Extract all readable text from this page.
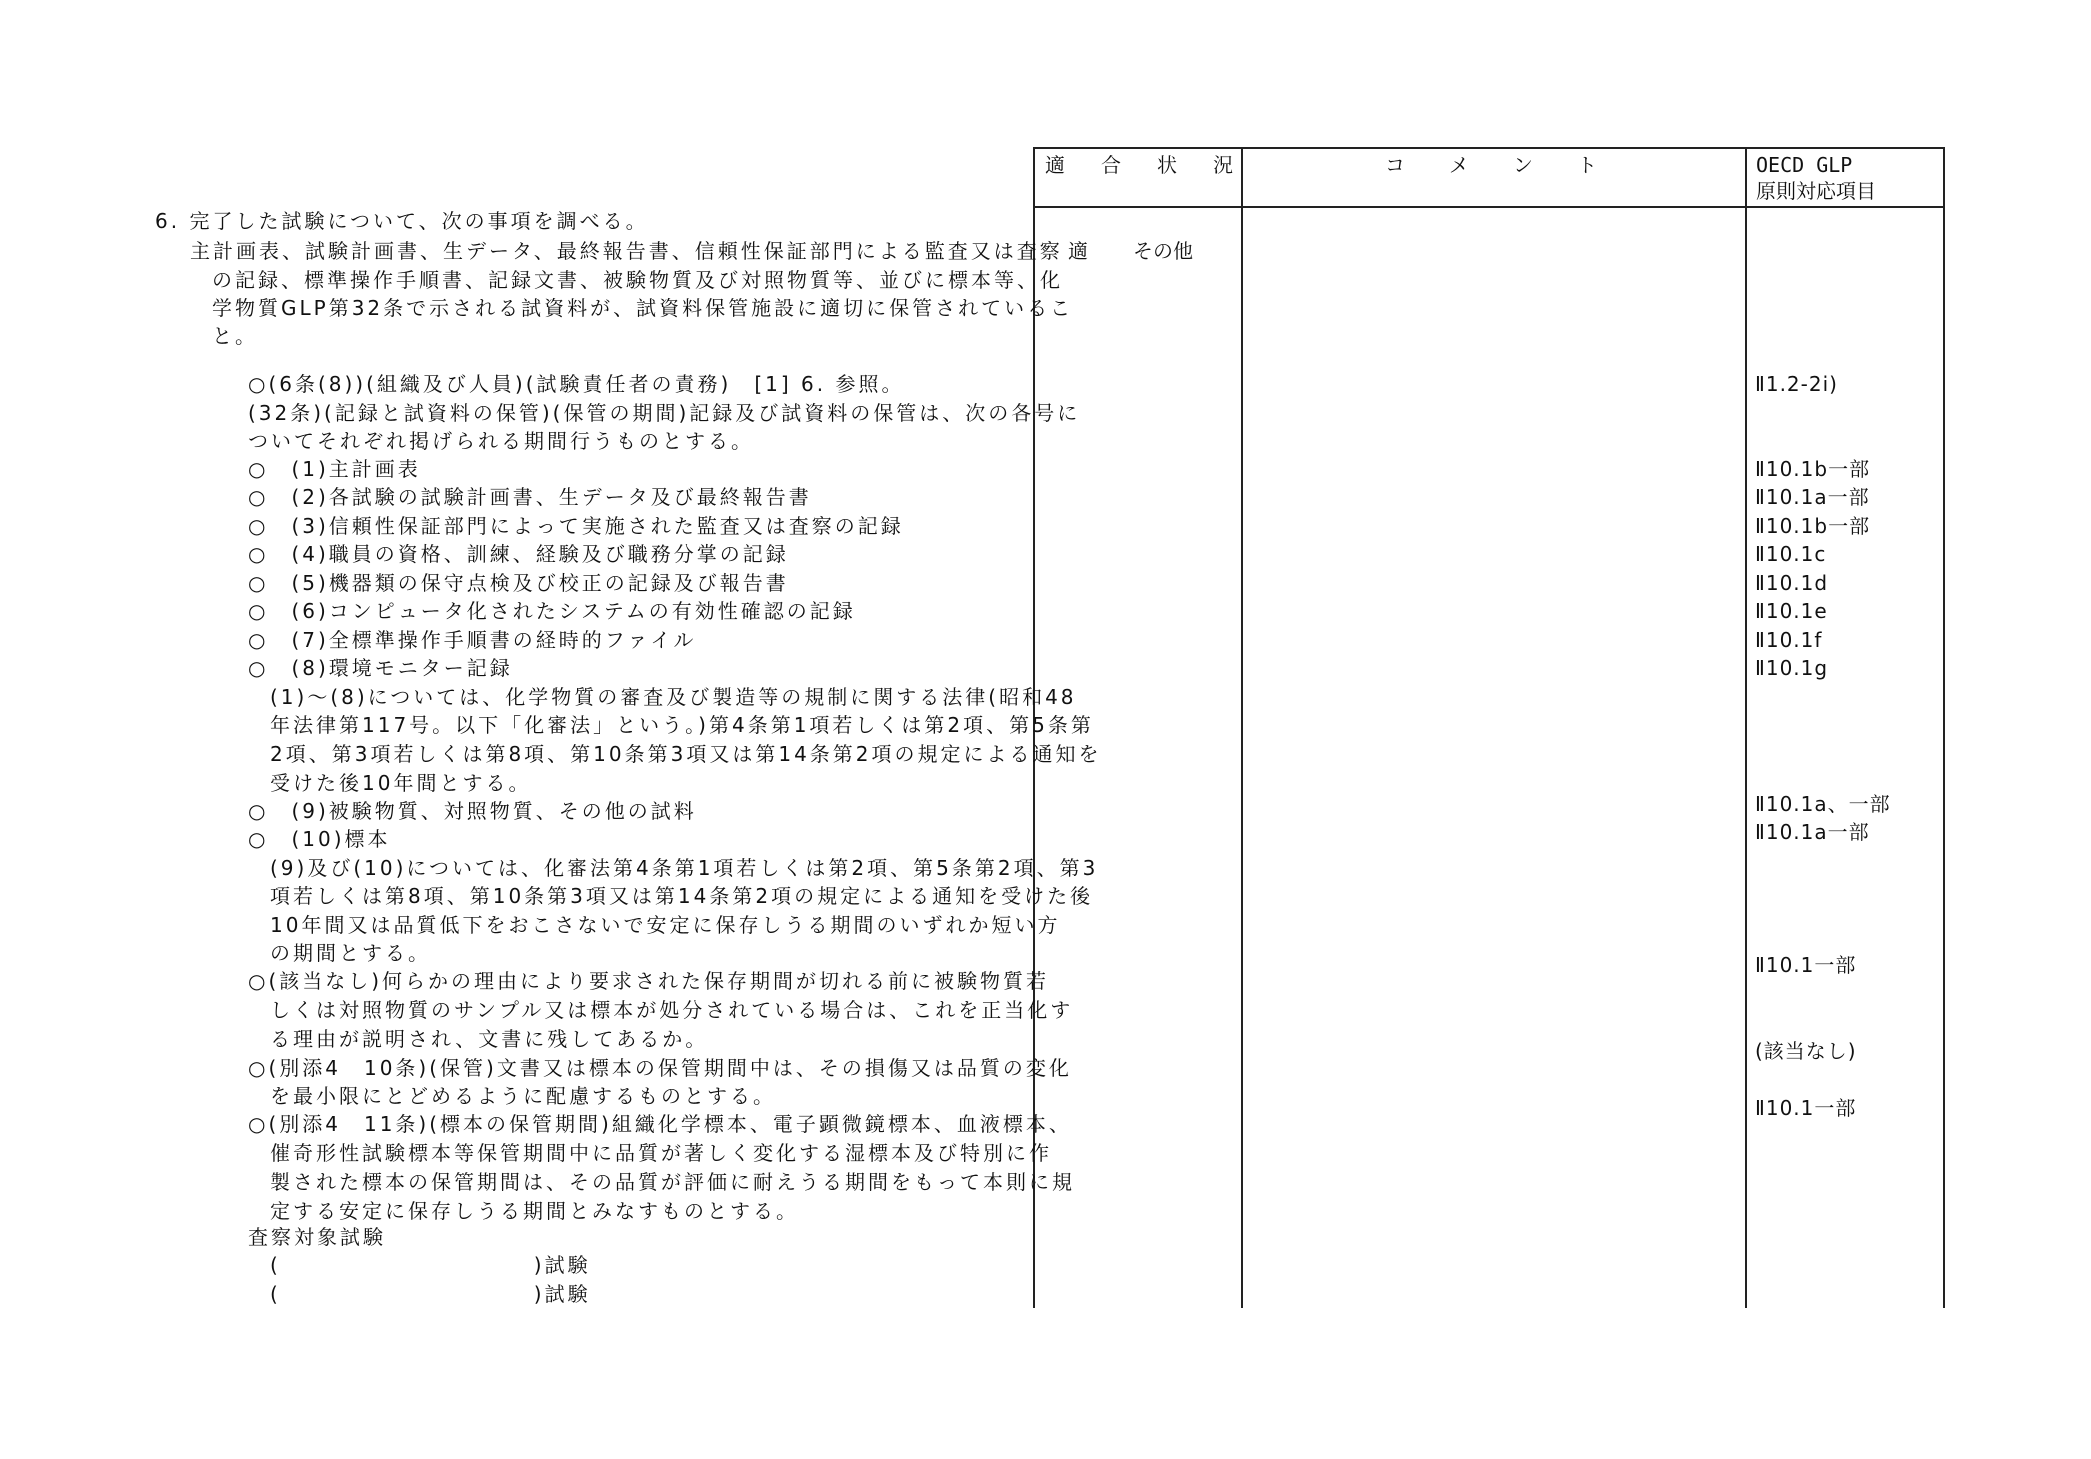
適　合　状　況	コ　メ　ン　ト	OECD GLP
原則対応項目
適 その他
6. 完了した試験について、次の事項を調べる。
主計画表、試験計画書、生データ、最終報告書、信頼性保証部門による監査又は査察
の記録、標準操作手順書、記録文書、被験物質及び対照物質等、並びに標本等、化
学物質GLP第32条で示される試資料が、試資料保管施設に適切に保管されているこ
と。
○(6条(8))(組織及び人員)(試験責任者の責務)　[1] 6. 参照。
(32条)(記録と試資料の保管)(保管の期間)記録及び試資料の保管は、次の各号に
ついてそれぞれ掲げられる期間行うものとする。
○　(1)主計画表
○　(2)各試験の試験計画書、生データ及び最終報告書
○　(3)信頼性保証部門によって実施された監査又は査察の記録
○　(4)職員の資格、訓練、経験及び職務分掌の記録
○　(5)機器類の保守点検及び校正の記録及び報告書
○　(6)コンピュータ化されたシステムの有効性確認の記録
○　(7)全標準操作手順書の経時的ファイル
○　(8)環境モニター記録
(1)～(8)については、化学物質の審査及び製造等の規制に関する法律(昭和48
年法律第117号。以下「化審法」という。)第4条第1項若しくは第2項、第5条第
2項、第3項若しくは第8項、第10条第3項又は第14条第2項の規定による通知を
受けた後10年間とする。
○　(9)被験物質、対照物質、その他の試料
○　(10)標本
(9)及び(10)については、化審法第4条第1項若しくは第2項、第5条第2項、第3
項若しくは第8項、第10条第3項又は第14条第2項の規定による通知を受けた後
10年間又は品質低下をおこさないで安定に保存しうる期間のいずれか短い方
の期間とする。
○(該当なし)何らかの理由により要求された保存期間が切れる前に被験物質若
しくは対照物質のサンプル又は標本が処分されている場合は、これを正当化す
る理由が説明され、文書に残してあるか。
○(別添4　10条)(保管)文書又は標本の保管期間中は、その損傷又は品質の変化
を最小限にとどめるように配慮するものとする。
○(別添4　11条)(標本の保管期間)組織化学標本、電子顕微鏡標本、血液標本、
催奇形性試験標本等保管期間中に品質が著しく変化する湿標本及び特別に作
製された標本の保管期間は、その品質が評価に耐えうる期間をもって本則に規
定する安定に保存しうる期間とみなすものとする。
査察対象試験
(　　　　　　　　　　　)試験
(　　　　　　　　　　　)試験
Ⅱ1.2-2i)
Ⅱ10.1b一部
Ⅱ10.1a一部
Ⅱ10.1b一部
Ⅱ10.1c
Ⅱ10.1d
Ⅱ10.1e
Ⅱ10.1f
Ⅱ10.1g
Ⅱ10.1a、一部
Ⅱ10.1a一部
Ⅱ10.1一部
(該当なし)
Ⅱ10.1一部
